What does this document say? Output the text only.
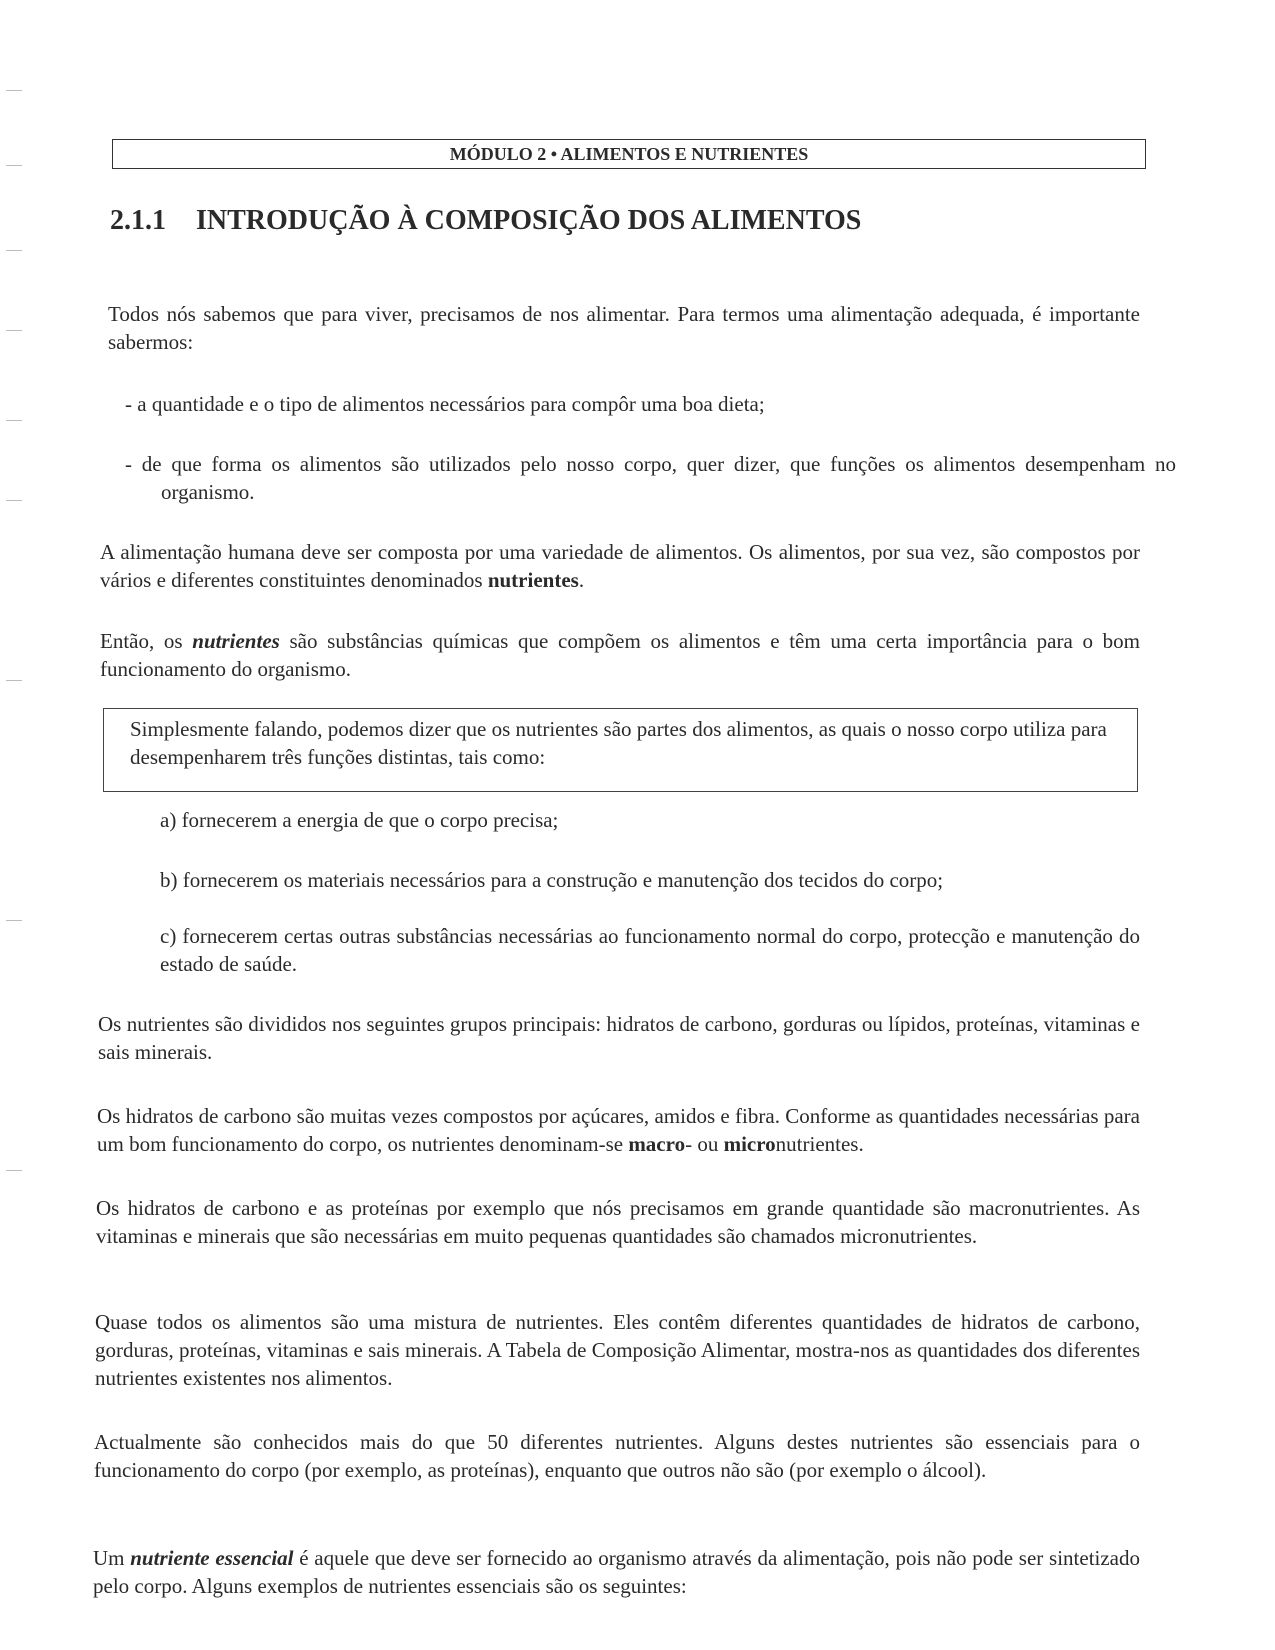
MÓDULO 2 • ALIMENTOS E NUTRIENTES
2.1.1 INTRODUÇÃO À COMPOSIÇÃO DOS ALIMENTOS
Todos nós sabemos que para viver, precisamos de nos alimentar. Para termos uma alimentação adequada, é importante sabermos:
- a quantidade e o tipo de alimentos necessários para compôr uma boa dieta;
- de que forma os alimentos são utilizados pelo nosso corpo, quer dizer, que funções os alimentos desempenham no organismo.
A alimentação humana deve ser composta por uma variedade de alimentos. Os alimentos, por sua vez, são compostos por vários e diferentes constituintes denominados nutrientes.
Então, os nutrientes são substâncias químicas que compõem os alimentos e têm uma certa importância para o bom funcionamento do organismo.
Simplesmente falando, podemos dizer que os nutrientes são partes dos alimentos, as quais o nosso corpo utiliza para desempenharem três funções distintas, tais como:
a) fornecerem a energia de que o corpo precisa;
b) fornecerem os materiais necessários para a construção e manutenção dos tecidos do corpo;
c) fornecerem certas outras substâncias necessárias ao funcionamento normal do corpo, protecção e manutenção do estado de saúde.
Os nutrientes são divididos nos seguintes grupos principais: hidratos de carbono, gorduras ou lípidos, proteínas, vitaminas e sais minerais.
Os hidratos de carbono são muitas vezes compostos por açúcares, amidos e fibra. Conforme as quantidades necessárias para um bom funcionamento do corpo, os nutrientes denominam-se macro- ou micronutrientes.
Os hidratos de carbono e as proteínas por exemplo que nós precisamos em grande quantidade são macronutrientes. As vitaminas e minerais que são necessárias em muito pequenas quantidades são chamados micronutrientes.
Quase todos os alimentos são uma mistura de nutrientes. Eles contêm diferentes quantidades de hidratos de carbono, gorduras, proteínas, vitaminas e sais minerais. A Tabela de Composição Alimentar, mostra-nos as quantidades dos diferentes nutrientes existentes nos alimentos.
Actualmente são conhecidos mais do que 50 diferentes nutrientes. Alguns destes nutrientes são essenciais para o funcionamento do corpo (por exemplo, as proteínas), enquanto que outros não são (por exemplo o álcool).
Um nutriente essencial é aquele que deve ser fornecido ao organismo através da alimentação, pois não pode ser sintetizado pelo corpo. Alguns exemplos de nutrientes essenciais são os seguintes:
